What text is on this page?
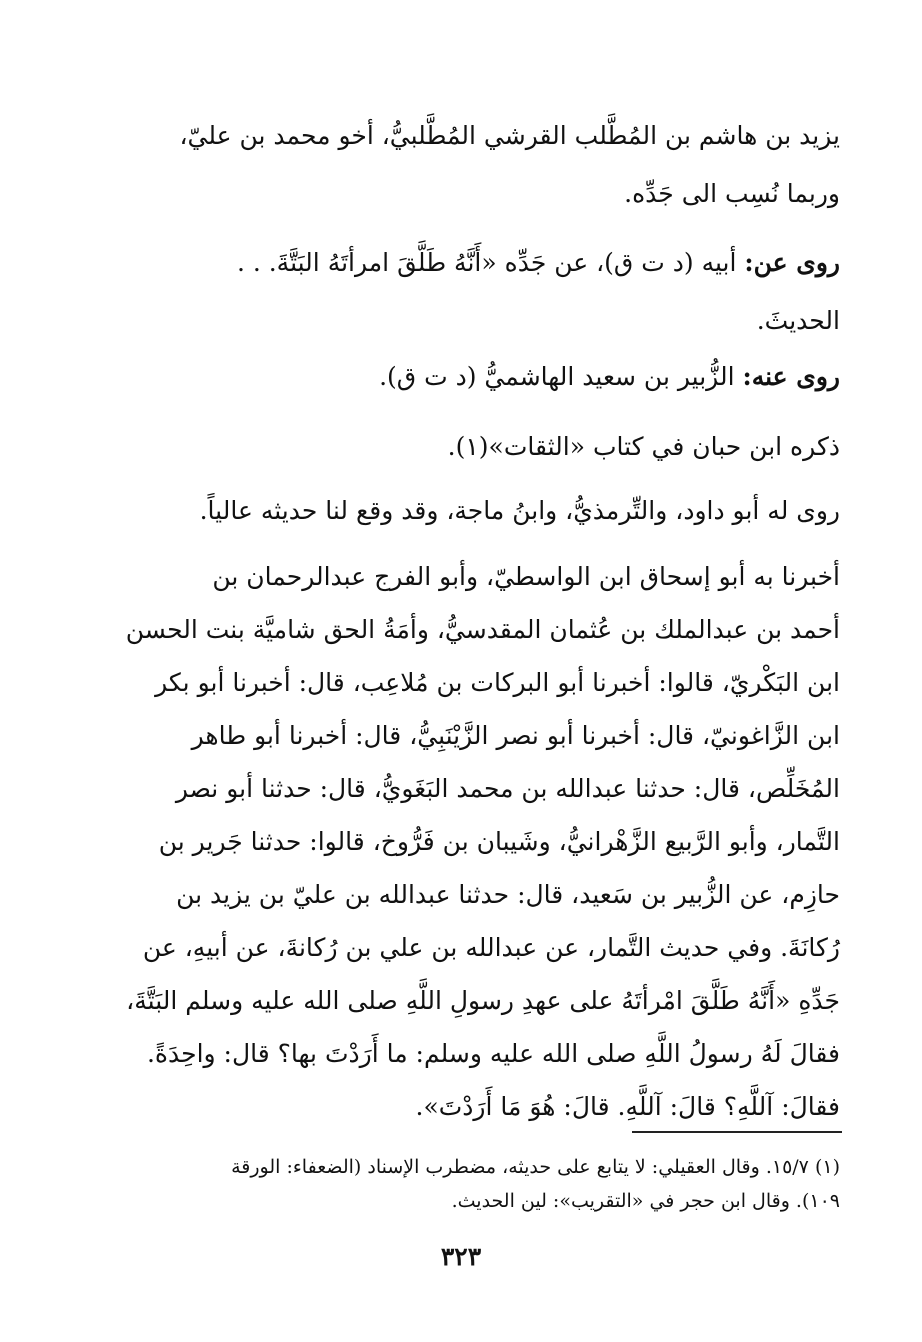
يزيد بن هاشم بن المُطَّلب القرشي المُطَّلبيُّ، أخو محمد بن عليّ،
وربما نُسِب الى جَدِّه.
روى عن: أبيه (د ت ق)، عن جَدِّه «أَنَّهُ طَلَّقَ امرأتَهُ البَتَّةَ. . .
الحديثَ.
روى عنه: الزُّبير بن سعيد الهاشميُّ (د ت ق).
ذكره ابن حبان في كتاب «الثقات»(١).
روى له أبو داود، والتِّرمذيُّ، وابنُ ماجة، وقد وقع لنا حديثه عالياً.
أخبرنا به أبو إسحاق ابن الواسطيّ، وأبو الفرج عبدالرحمان بن
أحمد بن عبدالملك بن عُثمان المقدسيُّ، وأمَةُ الحق شاميَّة بنت الحسن
ابن البَكْريّ، قالوا: أخبرنا أبو البركات بن مُلاعِب، قال: أخبرنا أبو بكر
ابن الزَّاغونيّ، قال: أخبرنا أبو نصر الزَّيْنَبِيُّ، قال: أخبرنا أبو طاهر
المُخَلِّص، قال: حدثنا عبدالله بن محمد البَغَويُّ، قال: حدثنا أبو نصر
التَّمار، وأبو الرَّبيع الزَّهْرانيُّ، وشَيبان بن فَرُّوخ، قالوا: حدثنا جَرير بن
حازِم، عن الزُّبير بن سَعيد، قال: حدثنا عبدالله بن عليّ بن يزيد بن
رُكانَةَ. وفي حديث التَّمار، عن عبدالله بن علي بن رُكانةَ، عن أبيهِ، عن
جَدِّهِ «أَنَّهُ طَلَّقَ امْرأتَهُ على عهدِ رسولِ اللَّهِ صلى الله عليه وسلم البَتَّةَ،
فقالَ لَهُ رسولُ اللَّهِ صلى الله عليه وسلم: ما أَرَدْتَ بها؟ قال: واحِدَةً.
فقالَ: آللَّهِ؟ قالَ: آللَّهِ. قالَ: هُوَ مَا أَرَدْتَ».
(١) ١٥/٧. وقال العقيلي: لا يتابع على حديثه، مضطرب الإسناد (الضعفاء: الورقة
١٠٩). وقال ابن حجر في «التقريب»: لين الحديث.
٣٢٣
